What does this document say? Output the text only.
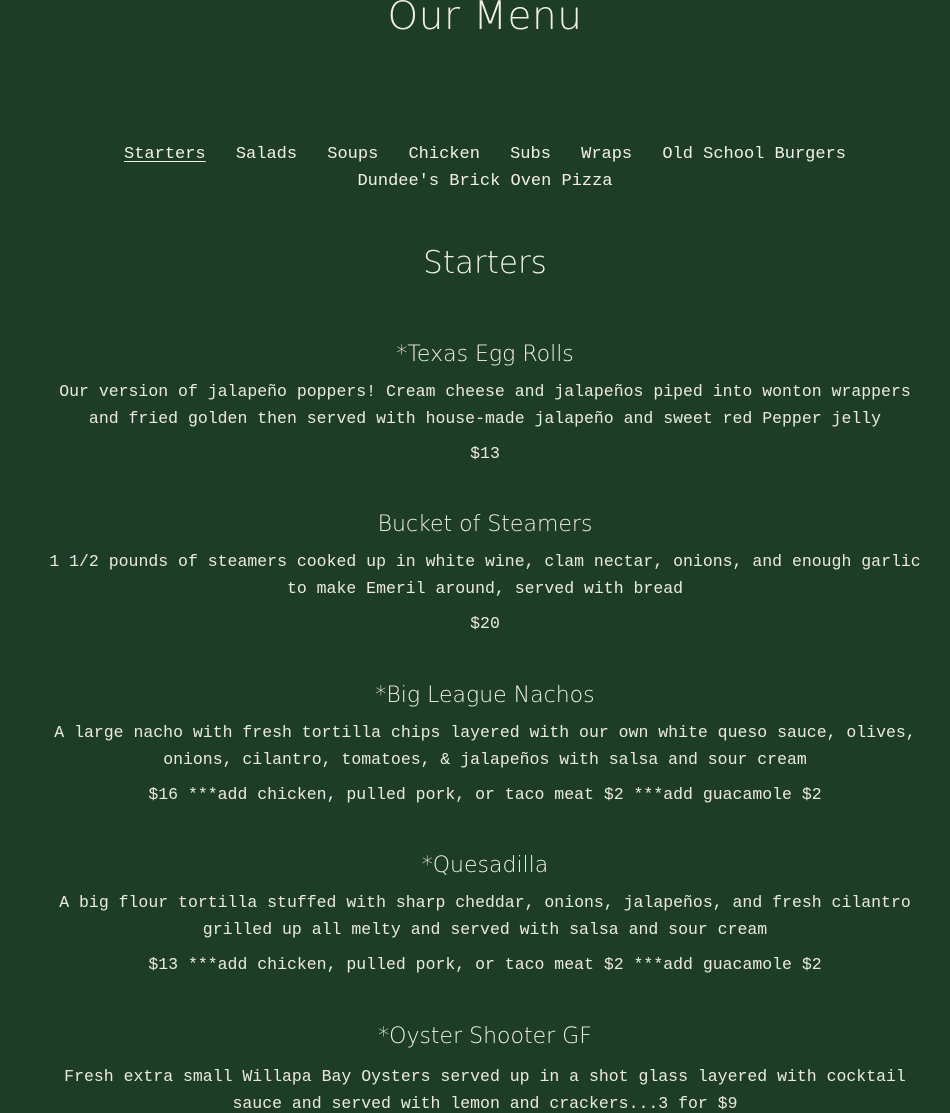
Our Menu
Starters Salads Soups Chicken Subs Wraps Old School Burgers
Dundee's Brick Oven Pizza
Starters
*Texas Egg Rolls

Our version of jalapeño poppers! Cream cheese and jalapeños piped into wonton wrappers and fried golden then served with house-made jalapeño and sweet red Pepper jelly

$13

Bucket of Steamers

1 1/2 pounds of steamers cooked up in white wine, clam nectar, onions, and enough garlic to make Emeril around, served with bread

$20

*Big League Nachos

A large nacho with fresh tortilla chips layered with our own white queso sauce, olives, onions, cilantro, tomatoes, & jalapeños with salsa and sour cream

$16 ***add chicken, pulled pork, or taco meat $2 ***add guacamole $2

*Quesadilla

A big flour tortilla stuffed with sharp cheddar, onions, jalapeños, and fresh cilantro grilled up all melty and served with salsa and sour cream

$13 ***add chicken, pulled pork, or taco meat $2 ***add guacamole $2

*Oyster Shooter GF

Fresh extra small Willapa Bay Oysters served up in a shot glass layered with cocktail sauce and served with lemon and crackers...3 for $9
